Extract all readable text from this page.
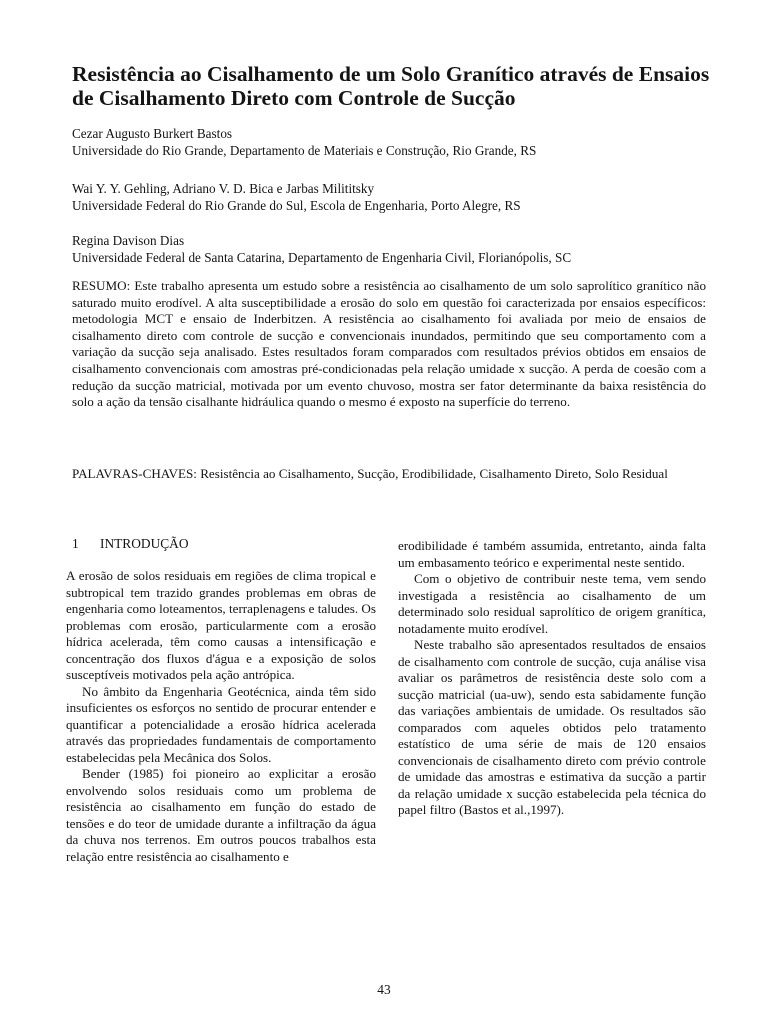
Resistência ao Cisalhamento de um Solo Granítico através de Ensaios de Cisalhamento Direto com Controle de Sucção
Cezar Augusto Burkert Bastos
Universidade do Rio Grande, Departamento de Materiais e Construção, Rio Grande, RS
Wai Y. Y. Gehling, Adriano V. D. Bica e Jarbas Milititsky
Universidade Federal do Rio Grande do Sul, Escola de Engenharia, Porto Alegre, RS
Regina Davison Dias
Universidade Federal de Santa Catarina, Departamento de Engenharia Civil, Florianópolis, SC

RESUMO: Este trabalho apresenta um estudo sobre a resistência ao cisalhamento de um solo saprolítico granítico não saturado muito erodível. A alta susceptibilidade a erosão do solo em questão foi caracterizada por ensaios específicos: metodologia MCT e ensaio de Inderbitzen. A resistência ao cisalhamento foi avaliada por meio de ensaios de cisalhamento direto com controle de sucção e convencionais inundados, permitindo que seu comportamento com a variação da sucção seja analisado. Estes resultados foram comparados com resultados prévios obtidos em ensaios de cisalhamento convencionais com amostras pré-condicionadas pela relação umidade x sucção. A perda de coesão com a redução da sucção matricial, motivada por um evento chuvoso, mostra ser fator determinante da baixa resistência do solo a ação da tensão cisalhante hidráulica quando o mesmo é exposto na superfície do terreno.

PALAVRAS-CHAVES: Resistência ao Cisalhamento, Sucção, Erodibilidade, Cisalhamento Direto, Solo Residual

1 INTRODUÇÃO

A erosão de solos residuais em regiões de clima tropical e subtropical tem trazido grandes problemas em obras de engenharia como loteamentos, terraplenagens e taludes. Os problemas com erosão, particularmente com a erosão hídrica acelerada, têm como causas a intensificação e concentração dos fluxos d'água e a exposição de solos susceptíveis motivados pela ação antrópica.

No âmbito da Engenharia Geotécnica, ainda têm sido insuficientes os esforços no sentido de procurar entender e quantificar a potencialidade a erosão hídrica acelerada através das propriedades fundamentais de comportamento estabelecidas pela Mecânica dos Solos.

Bender (1985) foi pioneiro ao explicitar a erosão envolvendo solos residuais como um problema de resistência ao cisalhamento em função do estado de tensões e do teor de umidade durante a infiltração da água da chuva nos terrenos. Em outros poucos trabalhos esta relação entre resistência ao cisalhamento e

erodibilidade é também assumida, entretanto, ainda falta um embasamento teórico e experimental neste sentido.

Com o objetivo de contribuir neste tema, vem sendo investigada a resistência ao cisalhamento de um determinado solo residual saprolítico de origem granítica, notadamente muito erodível.

Neste trabalho são apresentados resultados de ensaios de cisalhamento com controle de sucção, cuja análise visa avaliar os parâmetros de resistência deste solo com a sucção matricial (ua-uw), sendo esta sabidamente função das variações ambientais de umidade. Os resultados são comparados com aqueles obtidos pelo tratamento estatístico de uma série de mais de 120 ensaios convencionais de cisalhamento direto com prévio controle de umidade das amostras e estimativa da sucção a partir da relação umidade x sucção estabelecida pela técnica do papel filtro (Bastos et al.,1997).

43
